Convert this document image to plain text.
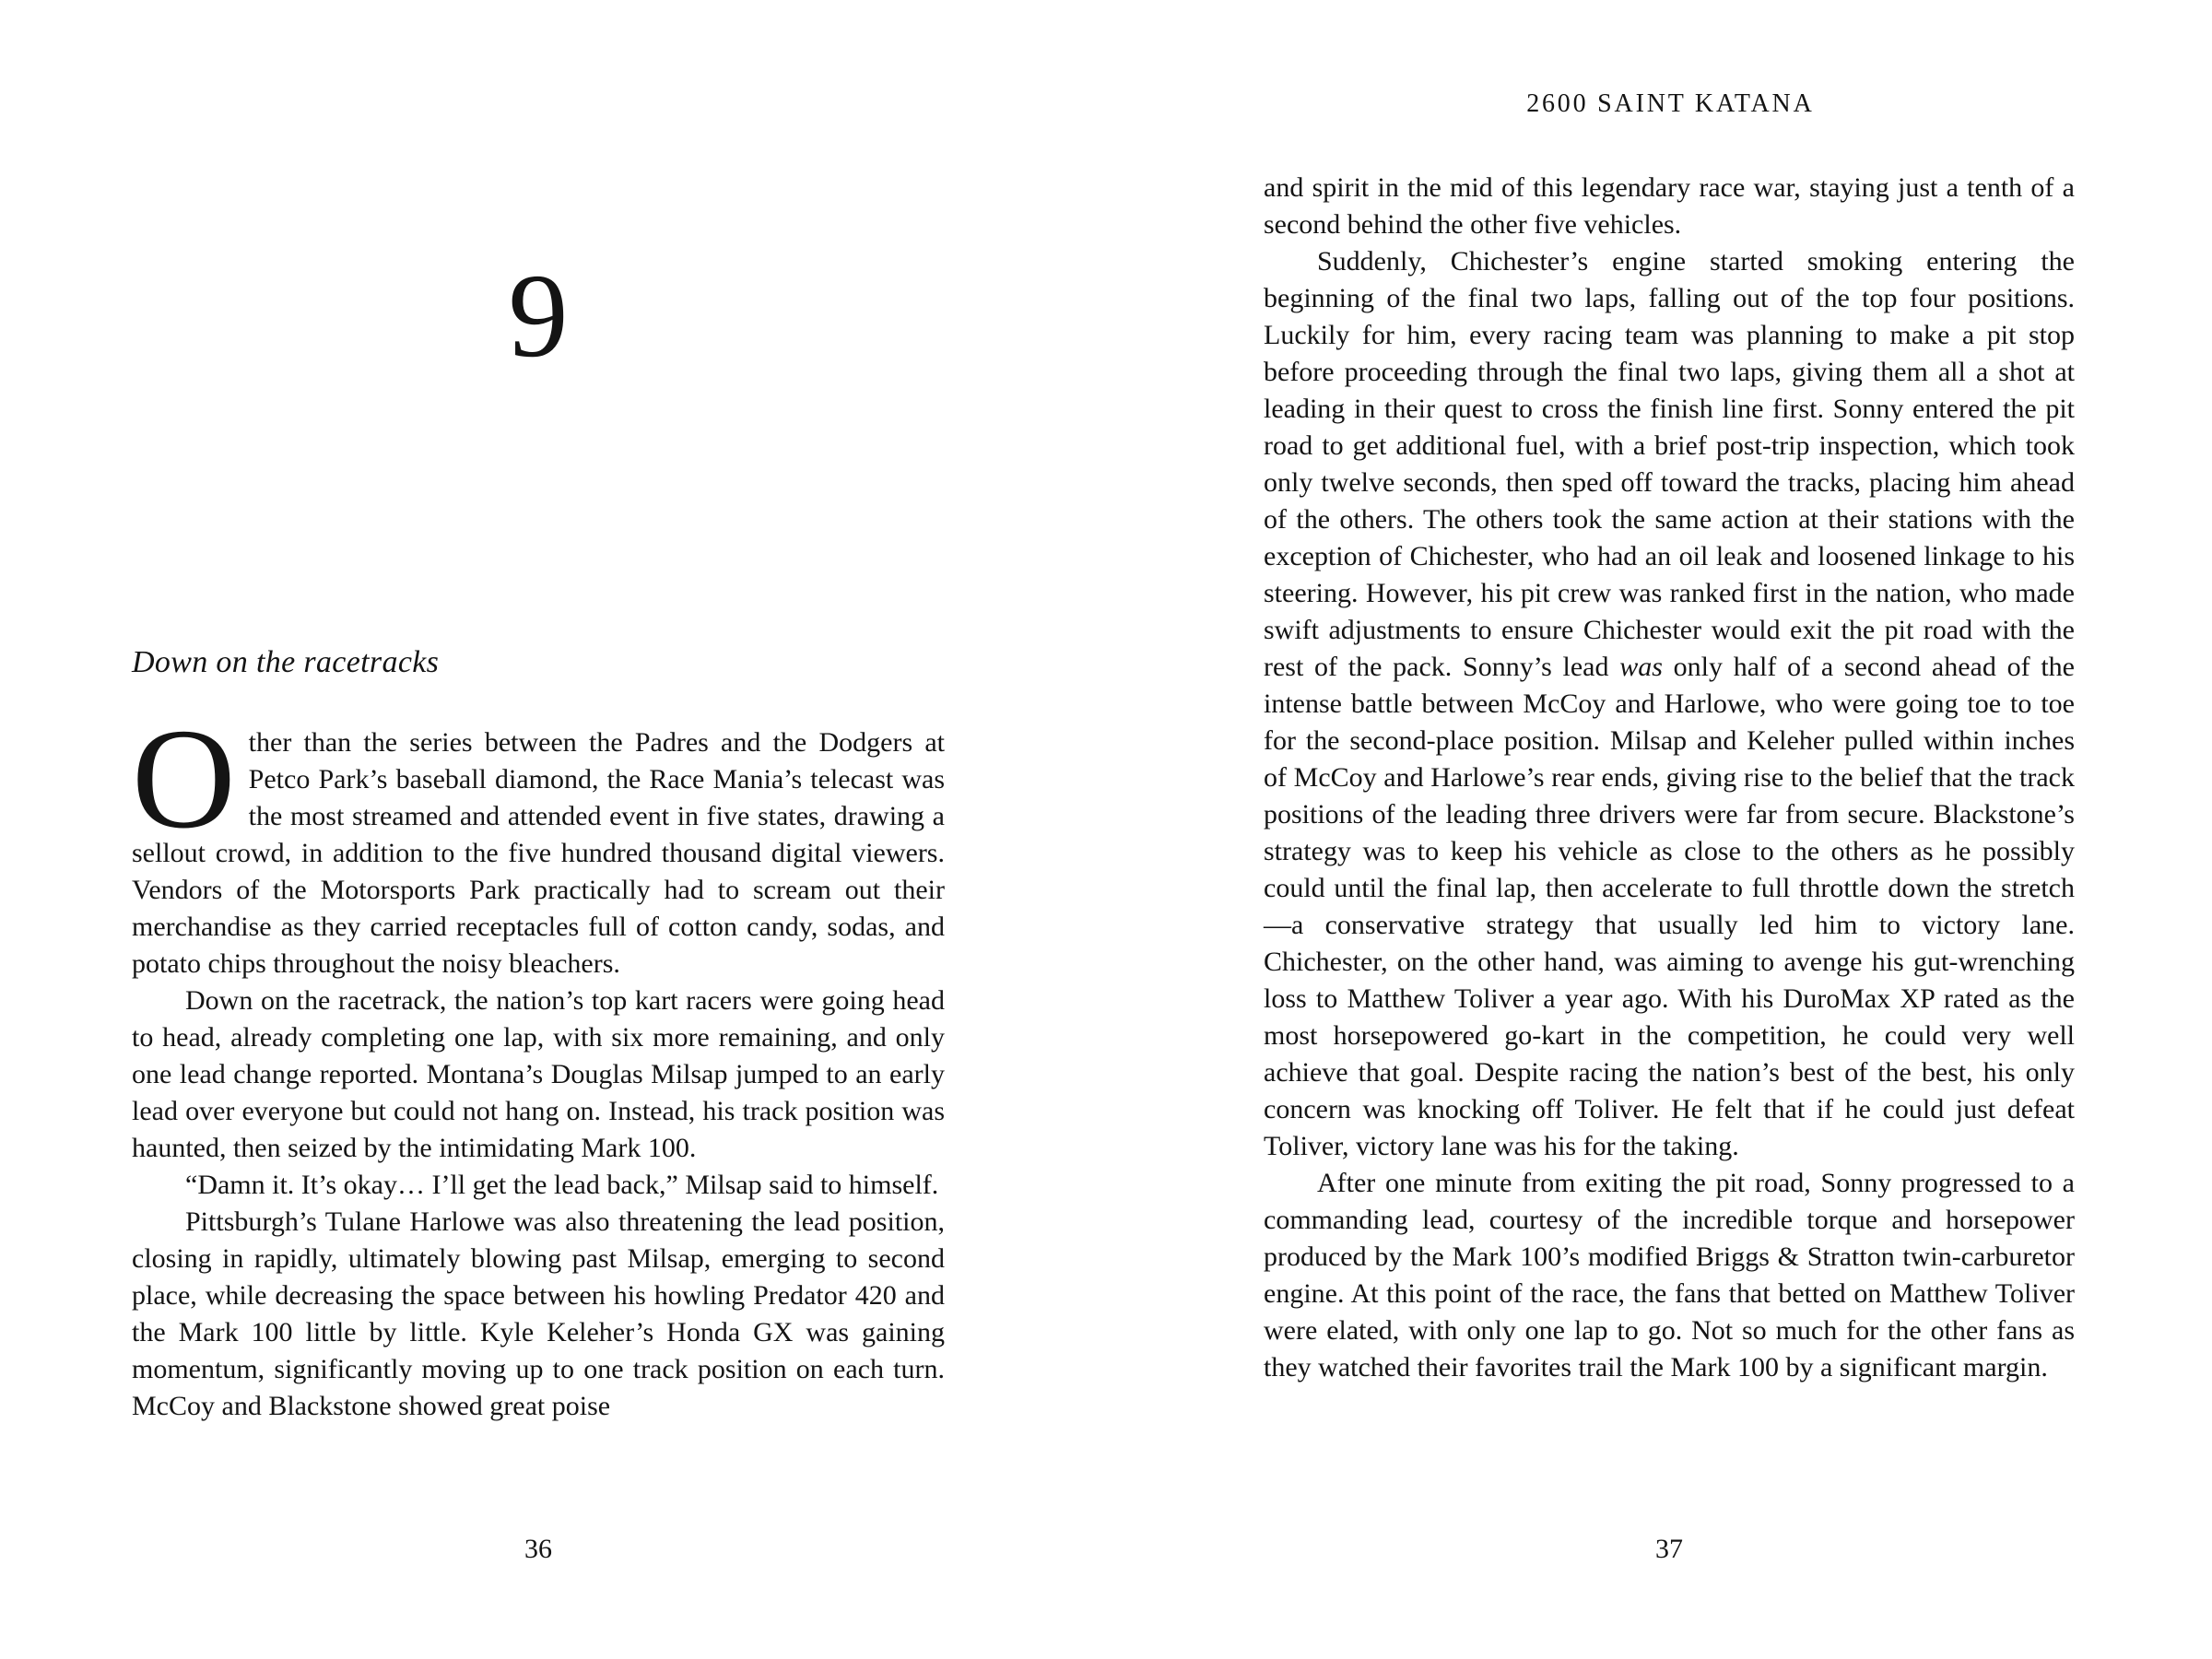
9
Down on the racetracks

Other than the series between the Padres and the Dodgers at Petco Park’s baseball diamond, the Race Mania’s telecast was the most streamed and attended event in five states, drawing a sellout crowd, in addition to the five hundred thousand digital viewers. Vendors of the Motorsports Park practically had to scream out their merchandise as they carried receptacles full of cotton candy, sodas, and potato chips throughout the noisy bleachers.

Down on the racetrack, the nation’s top kart racers were going head to head, already completing one lap, with six more remaining, and only one lead change reported. Montana’s Douglas Milsap jumped to an early lead over everyone but could not hang on. Instead, his track position was haunted, then seized by the intimidating Mark 100.

“Damn it. It’s okay… I’ll get the lead back,” Milsap said to himself.

Pittsburgh’s Tulane Harlowe was also threatening the lead position, closing in rapidly, ultimately blowing past Milsap, emerging to second place, while decreasing the space between his howling Predator 420 and the Mark 100 little by little. Kyle Keleher’s Honda GX was gaining momentum, significantly moving up to one track position on each turn. McCoy and Blackstone showed great poise

36
2600 SAINT KATANA

and spirit in the mid of this legendary race war, staying just a tenth of a second behind the other five vehicles.

Suddenly, Chichester’s engine started smoking entering the beginning of the final two laps, falling out of the top four positions. Luckily for him, every racing team was planning to make a pit stop before proceeding through the final two laps, giving them all a shot at leading in their quest to cross the finish line first. Sonny entered the pit road to get additional fuel, with a brief post-trip inspection, which took only twelve seconds, then sped off toward the tracks, placing him ahead of the others. The others took the same action at their stations with the exception of Chichester, who had an oil leak and loosened linkage to his steering. However, his pit crew was ranked first in the nation, who made swift adjustments to ensure Chichester would exit the pit road with the rest of the pack. Sonny’s lead was only half of a second ahead of the intense battle between McCoy and Harlowe, who were going toe to toe for the second-place position. Milsap and Keleher pulled within inches of McCoy and Harlowe’s rear ends, giving rise to the belief that the track positions of the leading three drivers were far from secure. Blackstone’s strategy was to keep his vehicle as close to the others as he possibly could until the final lap, then accelerate to full throttle down the stretch—a conservative strategy that usually led him to victory lane. Chichester, on the other hand, was aiming to avenge his gut-wrenching loss to Matthew Toliver a year ago. With his DuroMax XP rated as the most horsepowered go-kart in the competition, he could very well achieve that goal. Despite racing the nation’s best of the best, his only concern was knocking off Toliver. He felt that if he could just defeat Toliver, victory lane was his for the taking.

After one minute from exiting the pit road, Sonny progressed to a commanding lead, courtesy of the incredible torque and horsepower produced by the Mark 100’s modified Briggs & Stratton twin-carburetor engine. At this point of the race, the fans that betted on Matthew Toliver were elated, with only one lap to go. Not so much for the other fans as they watched their favorites trail the Mark 100 by a significant margin.

37
